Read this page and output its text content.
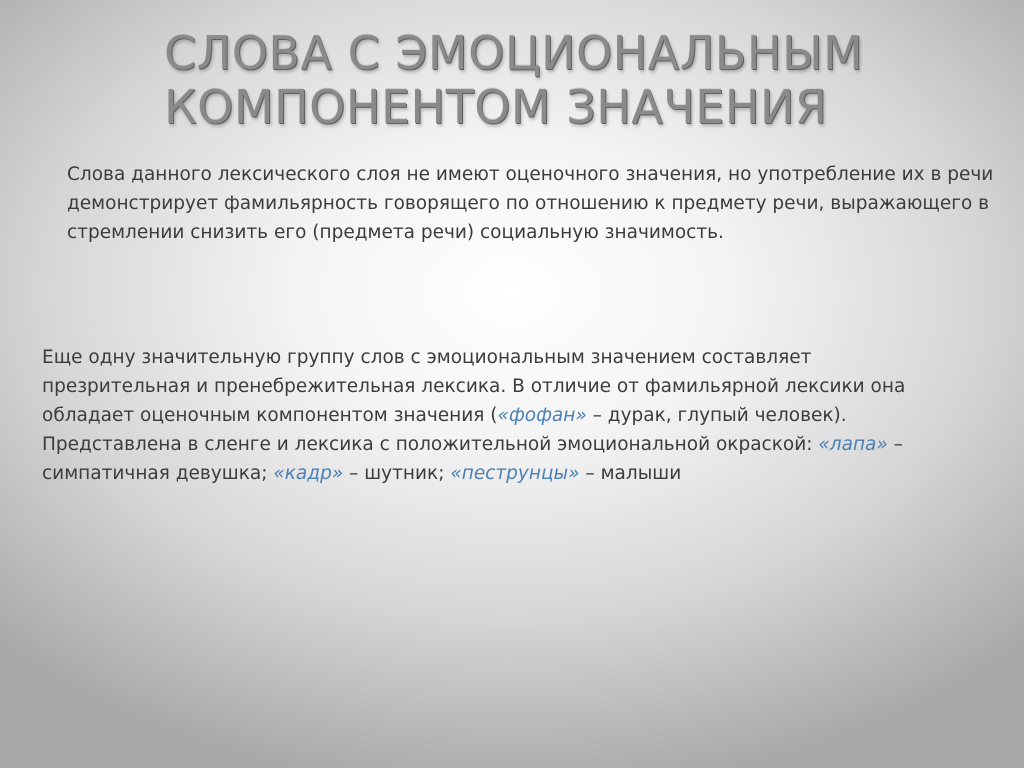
СЛОВА С ЭМОЦИОНАЛЬНЫМ
КОМПОНЕНТОМ ЗНАЧЕНИЯ

Слова данного лексического слоя не имеют оценочного значения, но употребление их в речи демонстрирует фамильярность говорящего по отношению к предмету речи, выражающего в стремлении снизить его (предмета речи) социальную значимость.

Еще одну значительную группу слов с эмоциональным значением составляет презрительная и пренебрежительная лексика. В отличие от фамильярной лексики она обладает оценочным компонентом значения («фофан» – дурак, глупый человек). Представлена в сленге и лексика с положительной эмоциональной окраской: «лапа» – симпатичная девушка; «кадр» – шутник; «пеструнцы» – малыши
